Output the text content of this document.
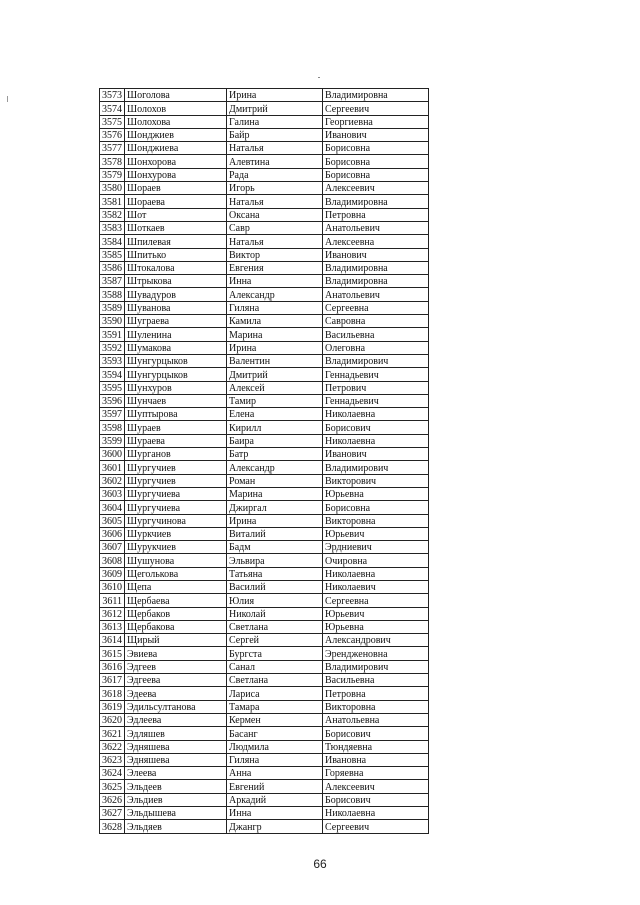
3573	Шоголова	Ирина	Владимировна
3574	Шолохов	Дмитрий	Сергеевич
3575	Шолохова	Галина	Георгиевна
3576	Шонджиев	Байр	Иванович
3577	Шонджиева	Наталья	Борисовна
3578	Шонхорова	Алевтина	Борисовна
3579	Шонхурова	Рада	Борисовна
3580	Шораев	Игорь	Алексеевич
3581	Шораева	Наталья	Владимировна
3582	Шот	Оксана	Петровна
3583	Шоткаев	Савр	Анатольевич
3584	Шпилевая	Наталья	Алексеевна
3585	Шпитько	Виктор	Иванович
3586	Штокалова	Евгения	Владимировна
3587	Штрыкова	Инна	Владимировна
3588	Шувадуров	Александр	Анатольевич
3589	Шуванова	Гиляна	Сергеевна
3590	Шуграева	Камила	Савровна
3591	Шуленина	Марина	Васильевна
3592	Шумакова	Ирина	Олеговна
3593	Шунгурцыков	Валентин	Владимирович
3594	Шунгурцыков	Дмитрий	Геннадьевич
3595	Шунхуров	Алексей	Петрович
3596	Шунчаев	Тамир	Геннадьевич
3597	Шуптырова	Елена	Николаевна
3598	Шураев	Кирилл	Борисович
3599	Шураева	Баира	Николаевна
3600	Шурганов	Батр	Иванович
3601	Шургучиев	Александр	Владимирович
3602	Шургучиев	Роман	Викторович
3603	Шургучиева	Марина	Юрьевна
3604	Шургучиева	Джиргал	Борисовна
3605	Шургучинова	Ирина	Викторовна
3606	Шуркчиев	Виталий	Юрьевич
3607	Шурукчиев	Бадм	Эрдниевич
3608	Шушунова	Эльвира	Очировна
3609	Щеголькова	Татьяна	Николаевна
3610	Щепа	Василий	Николаевич
3611	Щербаева	Юлия	Сергеевна
3612	Щербаков	Николай	Юрьевич
3613	Щербакова	Светлана	Юрьевна
3614	Щирый	Сергей	Александрович
3615	Эвиева	Бургста	Эрендженовна
3616	Эдгеев	Санал	Владимирович
3617	Эдгеева	Светлана	Васильевна
3618	Эдеева	Лариса	Петровна
3619	Эдильсултанова	Тамара	Викторовна
3620	Эдлеева	Кермен	Анатольевна
3621	Эдляшев	Басанг	Борисович
3622	Эдняшева	Людмила	Тюндяевна
3623	Эдняшева	Гиляна	Ивановна
3624	Элеева	Анна	Горяевна
3625	Эльдеев	Евгений	Алексеевич
3626	Эльдиев	Аркадий	Борисович
3627	Эльдышева	Инна	Николаевна
3628	Эльдяев	Джангр	Сергеевич
66
